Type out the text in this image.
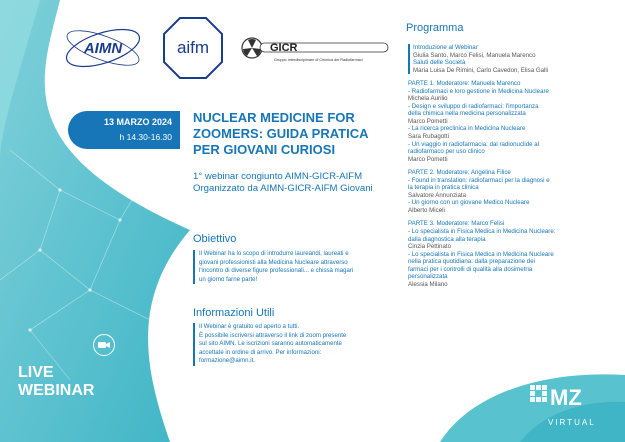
AIMN	aifm	GICR
Gruppo Interdisciplinare di Chimica dei Radiofarmaci
13 MARZO 2024
h 14.30-16.30
NUCLEAR MEDICINE FOR
ZOOMERS: GUIDA PRATICA
PER GIOVANI CURIOSI
1° webinar congiunto AIMN-GICR-AIFM
Organizzato da AIMN-GICR-AIFM Giovani
Obiettivo
Il Webinar ha lo scopo di introdurre laureandi, laureati e
giovani professionisti alla Medicina Nucleare attraverso
l'incontro di diverse figure professionali... e chissà magari
un giorno farne parte!
Informazioni Utili
Il Webinar è gratuito ed aperto a tutti.
È possibile iscriversi attraverso il link di zoom presente
sul sito AIMN. Le iscrizioni saranno automaticamente
accettate in ordine di arrivo. Per informazioni:
formazione@aimn.it.
LIVE
WEBINAR
Programma
Introduzione al Webinar
Giulia Santo, Marco Felisi, Manuela Marenco
Saluti delle Società
Maria Luisa De Rimini, Carlo Cavedon, Elisa Galli
PARTE 1. Moderatore: Manuela Marenco
- Radiofarmaci e loro gestione in Medicina Nucleare
Michela Aurilio
- Design e sviluppo di radiofarmaci: l'importanza
della chimica nella medicina personalizzata
Marco Pometti
- La ricerca preclinica in Medicina Nucleare
Sara Rubagotti
- Un viaggio in radiofarmacia: dal radionuclide al
radiofarmaco per uso clinico
Marco Pometti
PARTE 2. Moderatore: Angelina Filice
- Found in translation: radiofarmaci per la diagnosi e
la terapia in pratica clinica
Salvatore Annunziata
- Un giorno con un giovane Medico Nucleare
Alberto Miceli
PARTE 3. Moderatore: Marco Felisi
- Lo specialista in Fisica Medica in Medicina Nucleare:
dalla diagnostica alla terapia
Cinzia Pettinato
- Lo specialista in Fisica Medica in Medicina Nucleare
nella pratica quotidiana: dalla preparazione dei
farmaci per i controlli di qualità alla dosimetria
personalizzata
Alessia Milano
MZ
VIRTUAL
